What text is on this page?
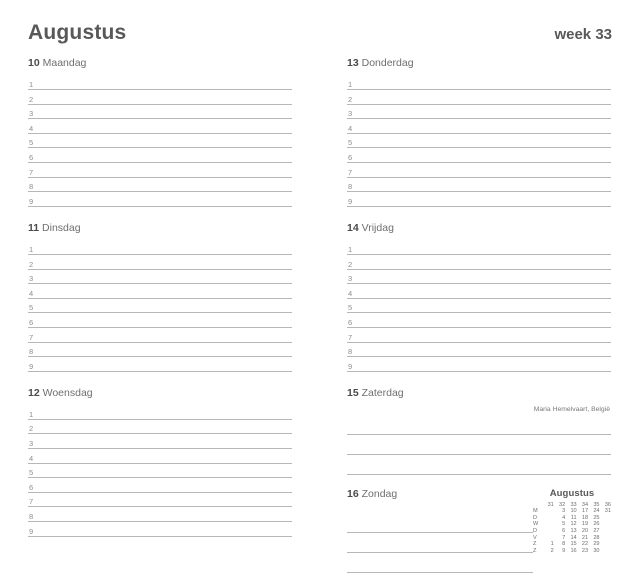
Augustus	week 33
10 Maandag
1
2
3
4
5
6
7
8
9
11 Dinsdag
1
2
3
4
5
6
7
8
9
12 Woensdag
1
2
3
4
5
6
7
8
9
13 Donderdag
1
2
3
4
5
6
7
8
9
14 Vrijdag
1
2
3
4
5
6
7
8
9
15 Zaterdag
Maria Hemelvaart, België
16 Zondag	Augustus
	31	32	33	34	35	36
M		3	10	17	24	31
D		4	11	18	25	
W		5	12	19	26	
D		6	13	20	27	
V		7	14	21	28	
Z	1	8	15	22	29	
Z	2	9	16	23	30	
